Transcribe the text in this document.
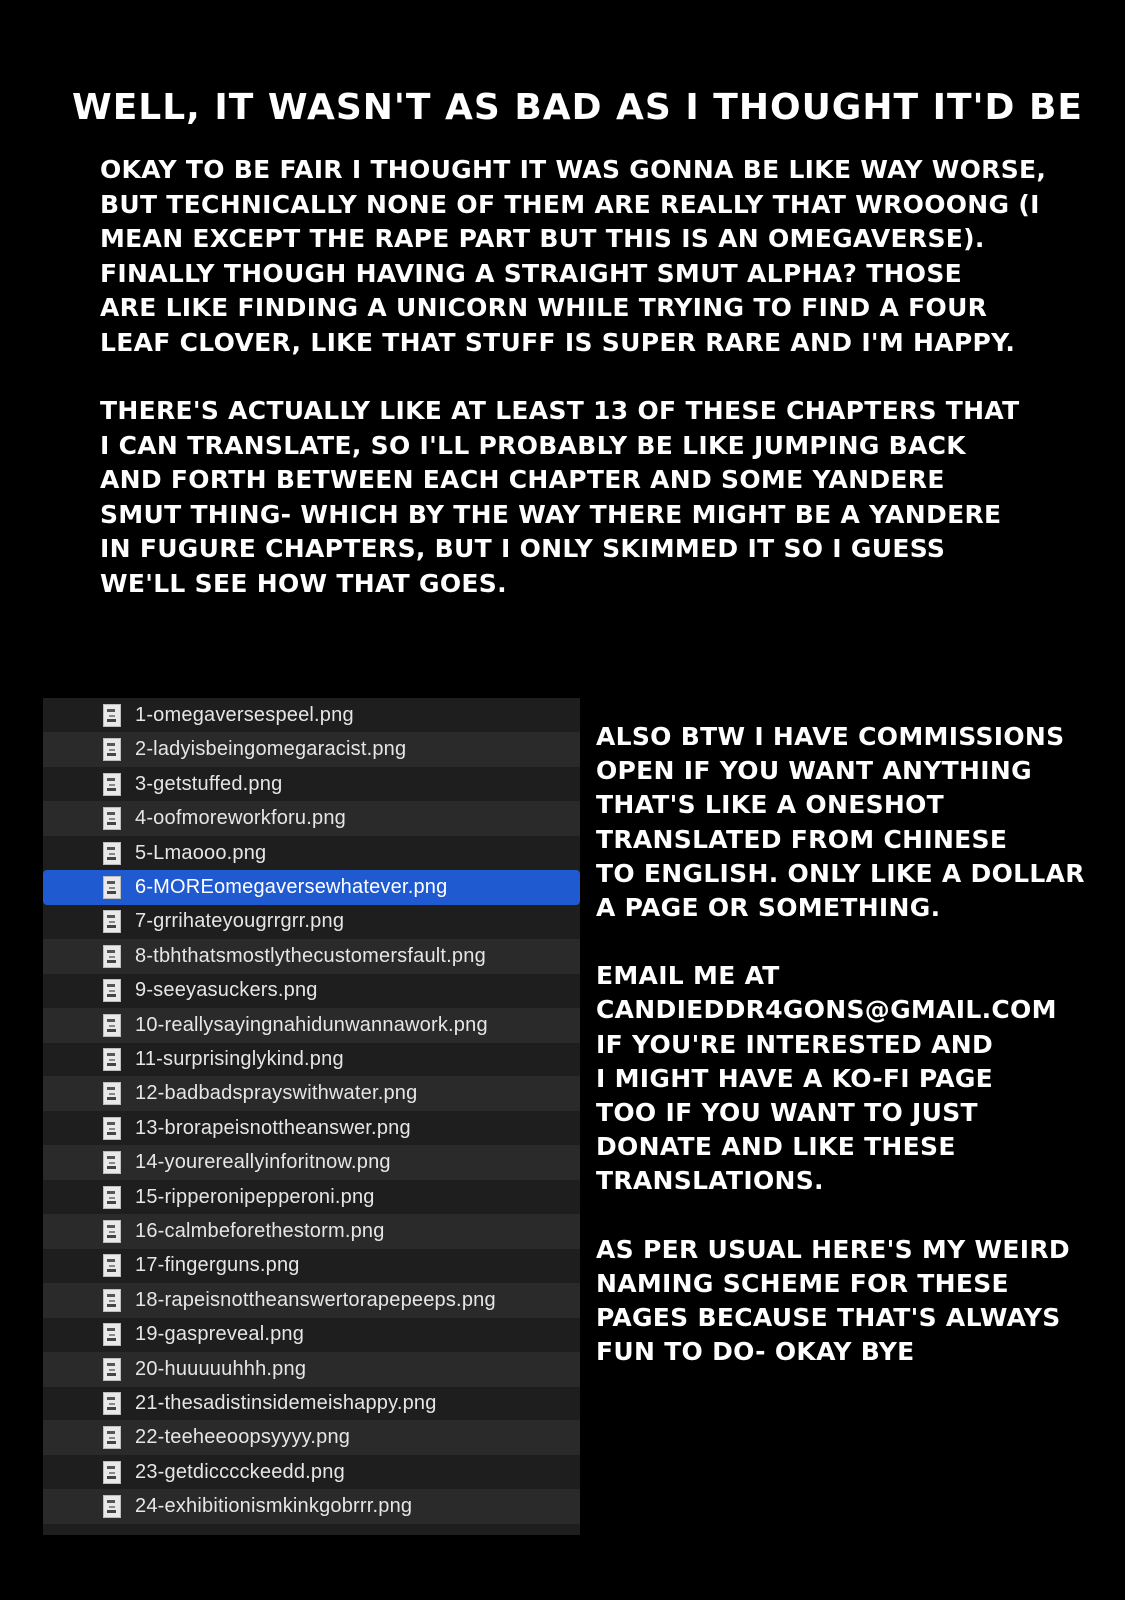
WELL, IT WASN'T AS BAD AS I THOUGHT IT'D BE
OKAY TO BE FAIR I THOUGHT IT WAS GONNA BE LIKE WAY WORSE,
BUT TECHNICALLY NONE OF THEM ARE REALLY THAT WROOONG (I
MEAN EXCEPT THE RAPE PART BUT THIS IS AN OMEGAVERSE).
FINALLY THOUGH HAVING A STRAIGHT SMUT ALPHA? THOSE
ARE LIKE FINDING A UNICORN WHILE TRYING TO FIND A FOUR
LEAF CLOVER, LIKE THAT STUFF IS SUPER RARE AND I'M HAPPY.
THERE'S ACTUALLY LIKE AT LEAST 13 OF THESE CHAPTERS THAT
I CAN TRANSLATE, SO I'LL PROBABLY BE LIKE JUMPING BACK
AND FORTH BETWEEN EACH CHAPTER AND SOME YANDERE
SMUT THING- WHICH BY THE WAY THERE MIGHT BE A YANDERE
IN FUGURE CHAPTERS, BUT I ONLY SKIMMED IT SO I GUESS
WE'LL SEE HOW THAT GOES.
1-omegaversespeel.png
2-ladyisbeingomegaracist.png
3-getstuffed.png
4-oofmoreworkforu.png
5-Lmaooo.png
6-MOREomegaversewhatever.png
7-grrihateyougrrgrr.png
8-tbhthatsmostlythecustomersfault.png
9-seeyasuckers.png
10-reallysayingnahidunwannawork.png
11-surprisinglykind.png
12-badbadsprayswithwater.png
13-brorapeisnottheanswer.png
14-yourereallyinforitnow.png
15-ripperonipepperoni.png
16-calmbeforethestorm.png
17-fingerguns.png
18-rapeisnottheanswertorapepeeps.png
19-gaspreveal.png
20-huuuuuhhh.png
21-thesadistinsidemeishappy.png
22-teeheeoopsyyyy.png
23-getdicccckeedd.png
24-exhibitionismkinkgobrrr.png
ALSO BTW I HAVE COMMISSIONS
OPEN IF YOU WANT ANYTHING
THAT'S LIKE A ONESHOT
TRANSLATED FROM CHINESE
TO ENGLISH. ONLY LIKE A DOLLAR
A PAGE OR SOMETHING.
EMAIL ME AT
CANDIEDDR4GONS@GMAIL.COM
IF YOU'RE INTERESTED AND
I MIGHT HAVE A KO-FI PAGE
TOO IF YOU WANT TO JUST
DONATE AND LIKE THESE
TRANSLATIONS.
AS PER USUAL HERE'S MY WEIRD
NAMING SCHEME FOR THESE
PAGES BECAUSE THAT'S ALWAYS
FUN TO DO- OKAY BYE
